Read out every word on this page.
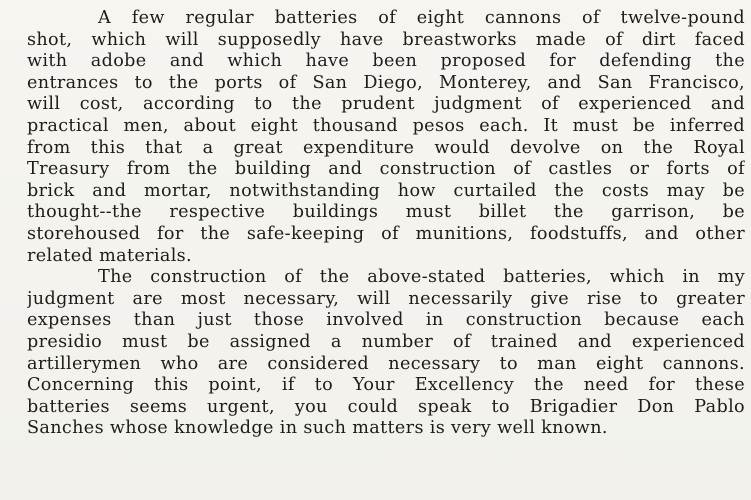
A few regular batteries of eight cannons of twelve-pound
shot, which will supposedly have breastworks made of dirt faced
with adobe and which have been proposed for defending the
entrances to the ports of San Diego, Monterey, and San Francisco,
will cost, according to the prudent judgment of experienced and
practical men, about eight thousand pesos each. It must be inferred
from this that a great expenditure would devolve on the Royal
Treasury from the building and construction of castles or forts of
brick and mortar, notwithstanding how curtailed the costs may be
thought--the respective buildings must billet the garrison, be
storehoused for the safe-keeping of munitions, foodstuffs, and other
related materials.
The construction of the above-stated batteries, which in my
judgment are most necessary, will necessarily give rise to greater
expenses than just those involved in construction because each
presidio must be assigned a number of trained and experienced
artillerymen who are considered necessary to man eight cannons.
Concerning this point, if to Your Excellency the need for these
batteries seems urgent, you could speak to Brigadier Don Pablo
Sanches whose knowledge in such matters is very well known.
